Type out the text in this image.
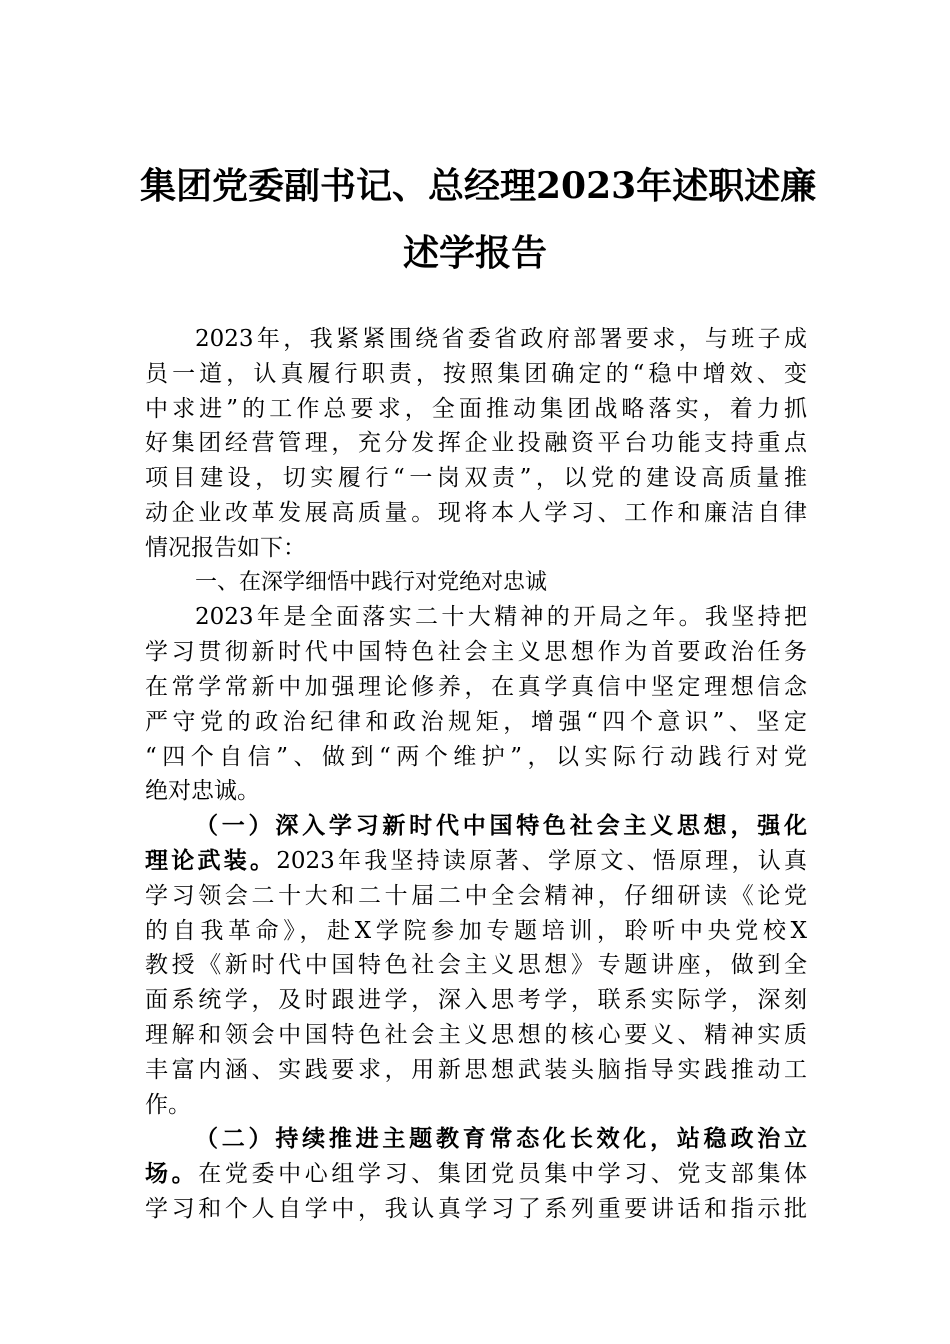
集团党委副书记、总经理2023年述职述廉
述学报告
2023年，我紧紧围绕省委省政府部署要求，与班子成
员一道，认真履行职责，按照集团确定的“稳中增效、变
中求进”的工作总要求，全面推动集团战略落实，着力抓
好集团经营管理，充分发挥企业投融资平台功能支持重点
项目建设，切实履行“一岗双责”，以党的建设高质量推
动企业改革发展高质量。现将本人学习、工作和廉洁自律
情况报告如下：
一、在深学细悟中践行对党绝对忠诚
2023年是全面落实二十大精神的开局之年。我坚持把
学习贯彻新时代中国特色社会主义思想作为首要政治任务
在常学常新中加强理论修养，在真学真信中坚定理想信念
严守党的政治纪律和政治规矩，增强“四个意识”、坚定
“四个自信”、做到“两个维护”，以实际行动践行对党
绝对忠诚。
（一）深入学习新时代中国特色社会主义思想，强化
理论武装。2023年我坚持读原著、学原文、悟原理，认真
学习领会二十大和二十届二中全会精神，仔细研读《论党
的自我革命》，赴X学院参加专题培训，聆听中央党校X
教授《新时代中国特色社会主义思想》专题讲座，做到全
面系统学，及时跟进学，深入思考学，联系实际学，深刻
理解和领会中国特色社会主义思想的核心要义、精神实质
丰富内涵、实践要求，用新思想武装头脑指导实践推动工
作。
（二）持续推进主题教育常态化长效化，站稳政治立
场。在党委中心组学习、集团党员集中学习、党支部集体
学习和个人自学中，我认真学习了系列重要讲话和指示批
